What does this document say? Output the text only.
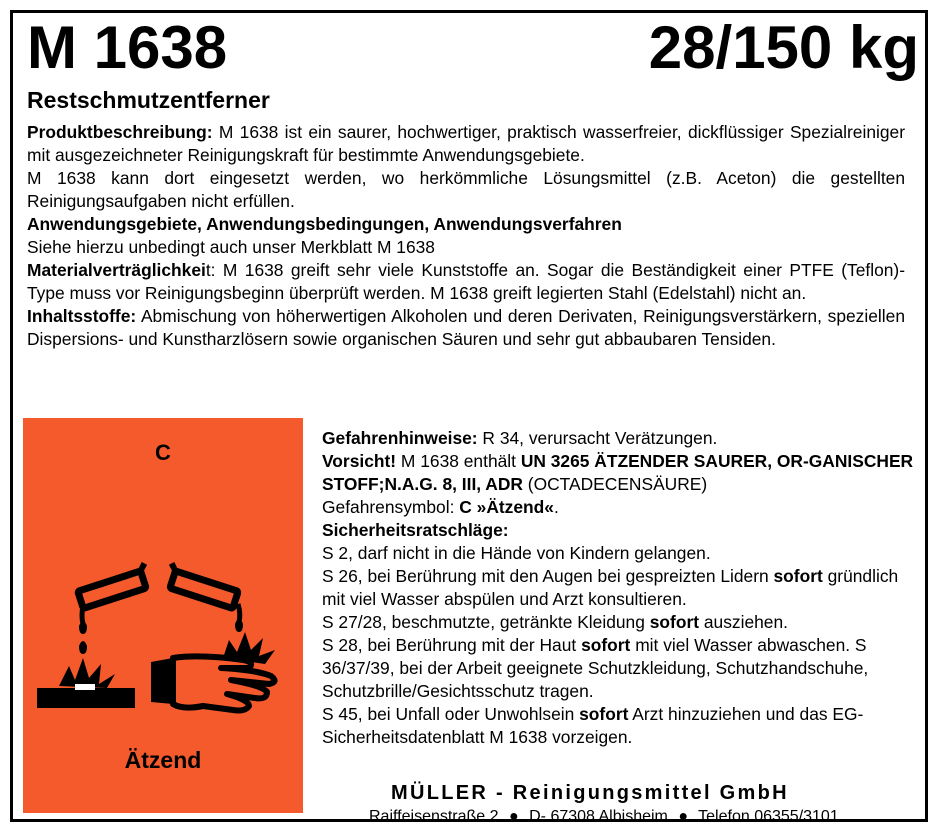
M 1638	28/150 kg
Restschmutzentferner

Produktbeschreibung: M 1638 ist ein saurer, hochwertiger, praktisch wasserfreier, dickflüssiger Spezialreiniger mit ausgezeichneter Reinigungskraft für bestimmte Anwendungsgebiete.

M 1638 kann dort eingesetzt werden, wo herkömmliche Lösungsmittel (z.B. Aceton) die gestellten Reinigungsaufgaben nicht erfüllen.

Anwendungsgebiete, Anwendungsbedingungen, Anwendungsverfahren

Siehe hierzu unbedingt auch unser Merkblatt M 1638

Materialverträglichkeit: M 1638 greift sehr viele Kunststoffe an. Sogar die Beständigkeit einer PTFE (Teflon)- Type muss vor Reinigungsbeginn überprüft werden. M 1638 greift legierten Stahl (Edelstahl) nicht an.

Inhaltsstoffe: Abmischung von höherwertigen Alkoholen und deren Derivaten, Reinigungsverstärkern, speziellen Dispersions- und Kunstharzlösern sowie organischen Säuren und sehr gut abbaubaren Tensiden.

C
Ätzend

Gefahrenhinweise: R 34, verursacht Verätzungen.

Vorsicht! M 1638 enthält UN 3265 ÄTZENDER SAURER, OR-GANISCHER STOFF;N.A.G. 8, III, ADR (OCTADECENSÄURE)

Gefahrensymbol: C »Ätzend«.

Sicherheitsratschläge:

S 2, darf nicht in die Hände von Kindern gelangen.

S 26, bei Berührung mit den Augen bei gespreizten Lidern sofort gründlich mit viel Wasser abspülen und Arzt konsultieren.

S 27/28, beschmutzte, getränkte Kleidung sofort ausziehen.

S 28, bei Berührung mit der Haut sofort mit viel Wasser abwaschen. S 36/37/39, bei der Arbeit geeignete Schutzkleidung, Schutzhandschuhe, Schutzbrille/Gesichtsschutz tragen.

S 45, bei Unfall oder Unwohlsein sofort Arzt hinzuziehen und das EG-Sicherheitsdatenblatt M 1638 vorzeigen.

MÜLLER - Reinigungsmittel GmbH
Raiffeisenstraße 2 ● D- 67308 Albisheim ● Telefon 06355/3101
